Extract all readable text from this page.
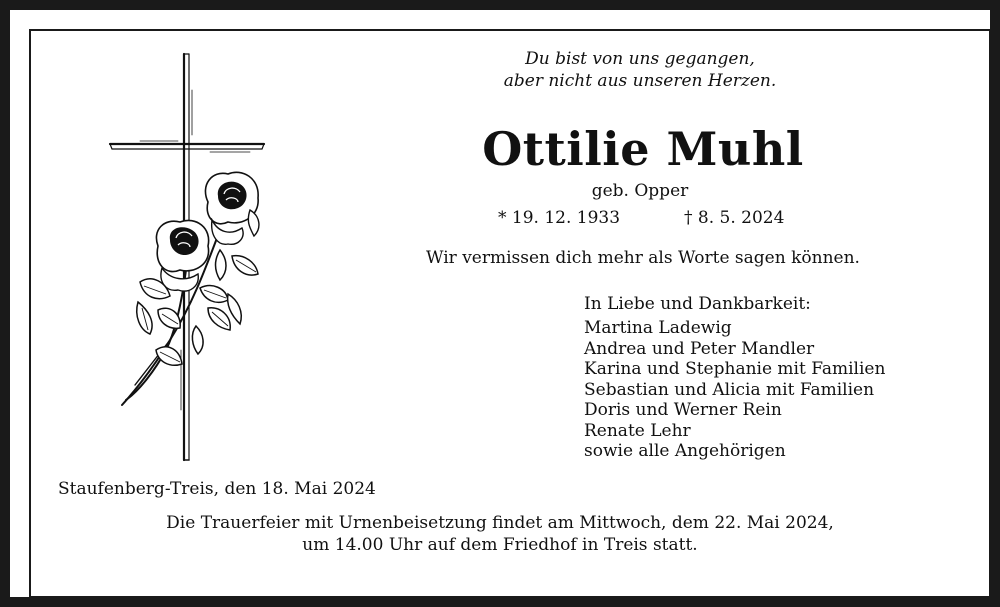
Du bist von uns gegangen,
aber nicht aus unseren Herzen.
Ottilie Muhl
geb. Opper
* 19. 12. 1933	† 8. 5. 2024
Wir vermissen dich mehr als Worte sagen können.
In Liebe und Dankbarkeit:
Martina Ladewig
Andrea und Peter Mandler
Karina und Stephanie mit Familien
Sebastian und Alicia mit Familien
Doris und Werner Rein
Renate Lehr
sowie alle Angehörigen
Staufenberg-Treis, den 18. Mai 2024
Die Trauerfeier mit Urnenbeisetzung findet am Mittwoch, dem 22. Mai 2024,
um 14.00 Uhr auf dem Friedhof in Treis statt.
